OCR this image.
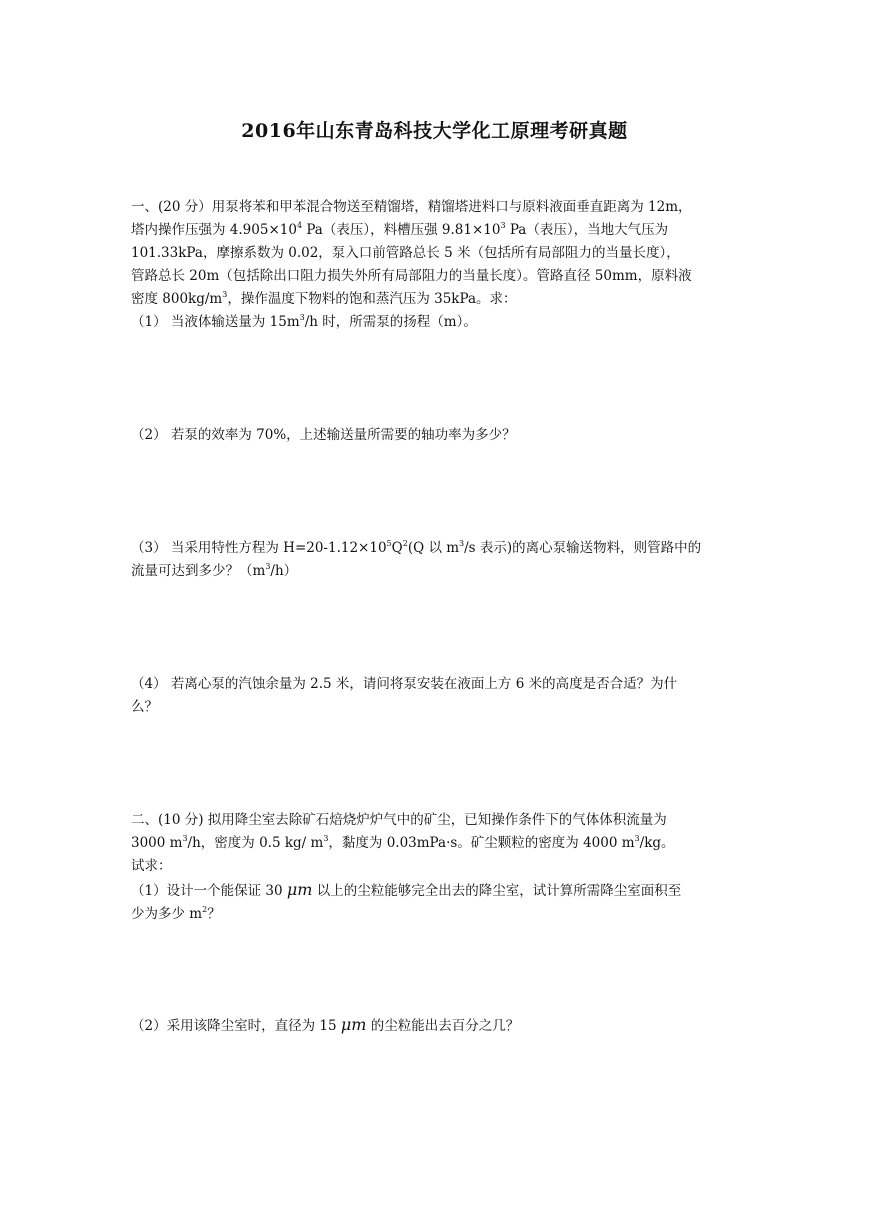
2016年山东青岛科技大学化工原理考研真题
一、(20 分）用泵将苯和甲苯混合物送至精馏塔，精馏塔进料口与原料液面垂直距离为 12m，
塔内操作压强为 $4.905\times 10^4$ Pa（表压），料槽压强 $9.81\times 10^3$ Pa（表压），当地大气压为
101.33kPa，摩擦系数为 0.02，泵入口前管路总长 5 米（包括所有局部阻力的当量长度），
管路总长 20m（包括除出口阻力损失外所有局部阻力的当量长度）。管路直径 50mm，原料液
密度 $800kg/m^3$，操作温度下物料的饱和蒸汽压为 35kPa。求：
（1） 当液体输送量为 $15m^3/h$ 时，所需泵的扬程（m）。
（2） 若泵的效率为 70%，上述输送量所需要的轴功率为多少？
（3） 当采用特性方程为 $H=20-1.12\times 10^5Q^2(Q$ 以 $m^3/s$ 表示)的离心泵输送物料，则管路中的
流量可达到多少？$(m^3/h)$
（4） 若离心泵的汽蚀余量为 2.5 米，请问将泵安装在液面上方 6 米的高度是否合适？为什
么？
二、(10 分) 拟用降尘室去除矿石焙烧炉炉气中的矿尘，已知操作条件下的气体体积流量为
3000 $m^3/h$，密度为 0.5 kg/ $m^3$，黏度为 0.03mPa·s。矿尘颗粒的密度为 4000 $m^3/kg$。
试求：
（1）设计一个能保证 30 μm 以上的尘粒能够完全出去的降尘室，试计算所需降尘室面积至
少为多少 $m^2$？
（2）采用该降尘室时，直径为 15 μm 的尘粒能出去百分之几？
